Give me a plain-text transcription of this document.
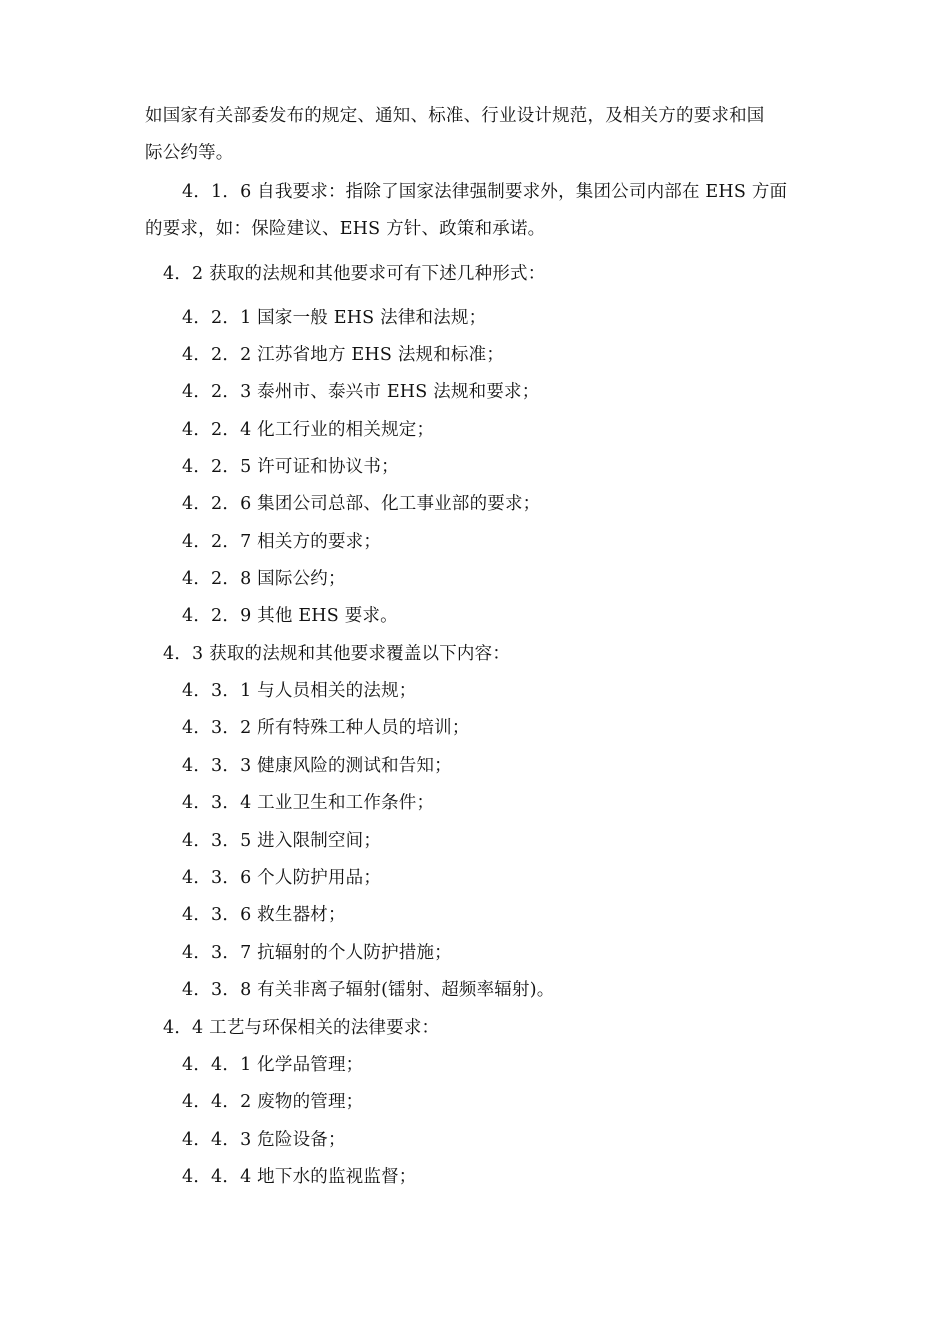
如国家有关部委发布的规定、通知、标准、行业设计规范，及相关方的要求和国
际公约等。
4．1．6 自我要求：指除了国家法律强制要求外，集团公司内部在 EHS 方面
的要求，如：保险建议、EHS 方针、政策和承诺。
4．2 获取的法规和其他要求可有下述几种形式：
4．2．1 国家一般 EHS 法律和法规；
4．2．2 江苏省地方 EHS 法规和标准；
4．2．3 泰州市、泰兴市 EHS 法规和要求；
4．2．4 化工行业的相关规定；
4．2．5 许可证和协议书；
4．2．6 集团公司总部、化工事业部的要求；
4．2．7 相关方的要求；
4．2．8 国际公约；
4．2．9 其他 EHS 要求。
4．3 获取的法规和其他要求覆盖以下内容：
4．3．1 与人员相关的法规；
4．3．2 所有特殊工种人员的培训；
4．3．3 健康风险的测试和告知；
4．3．4 工业卫生和工作条件；
4．3．5 进入限制空间；
4．3．6 个人防护用品；
4．3．6 救生器材；
4．3．7 抗辐射的个人防护措施；
4．3．8 有关非离子辐射(镭射、超频率辐射)。
4．4 工艺与环保相关的法律要求：
4．4．1 化学品管理；
4．4．2 废物的管理；
4．4．3 危险设备；
4．4．4 地下水的监视监督；
